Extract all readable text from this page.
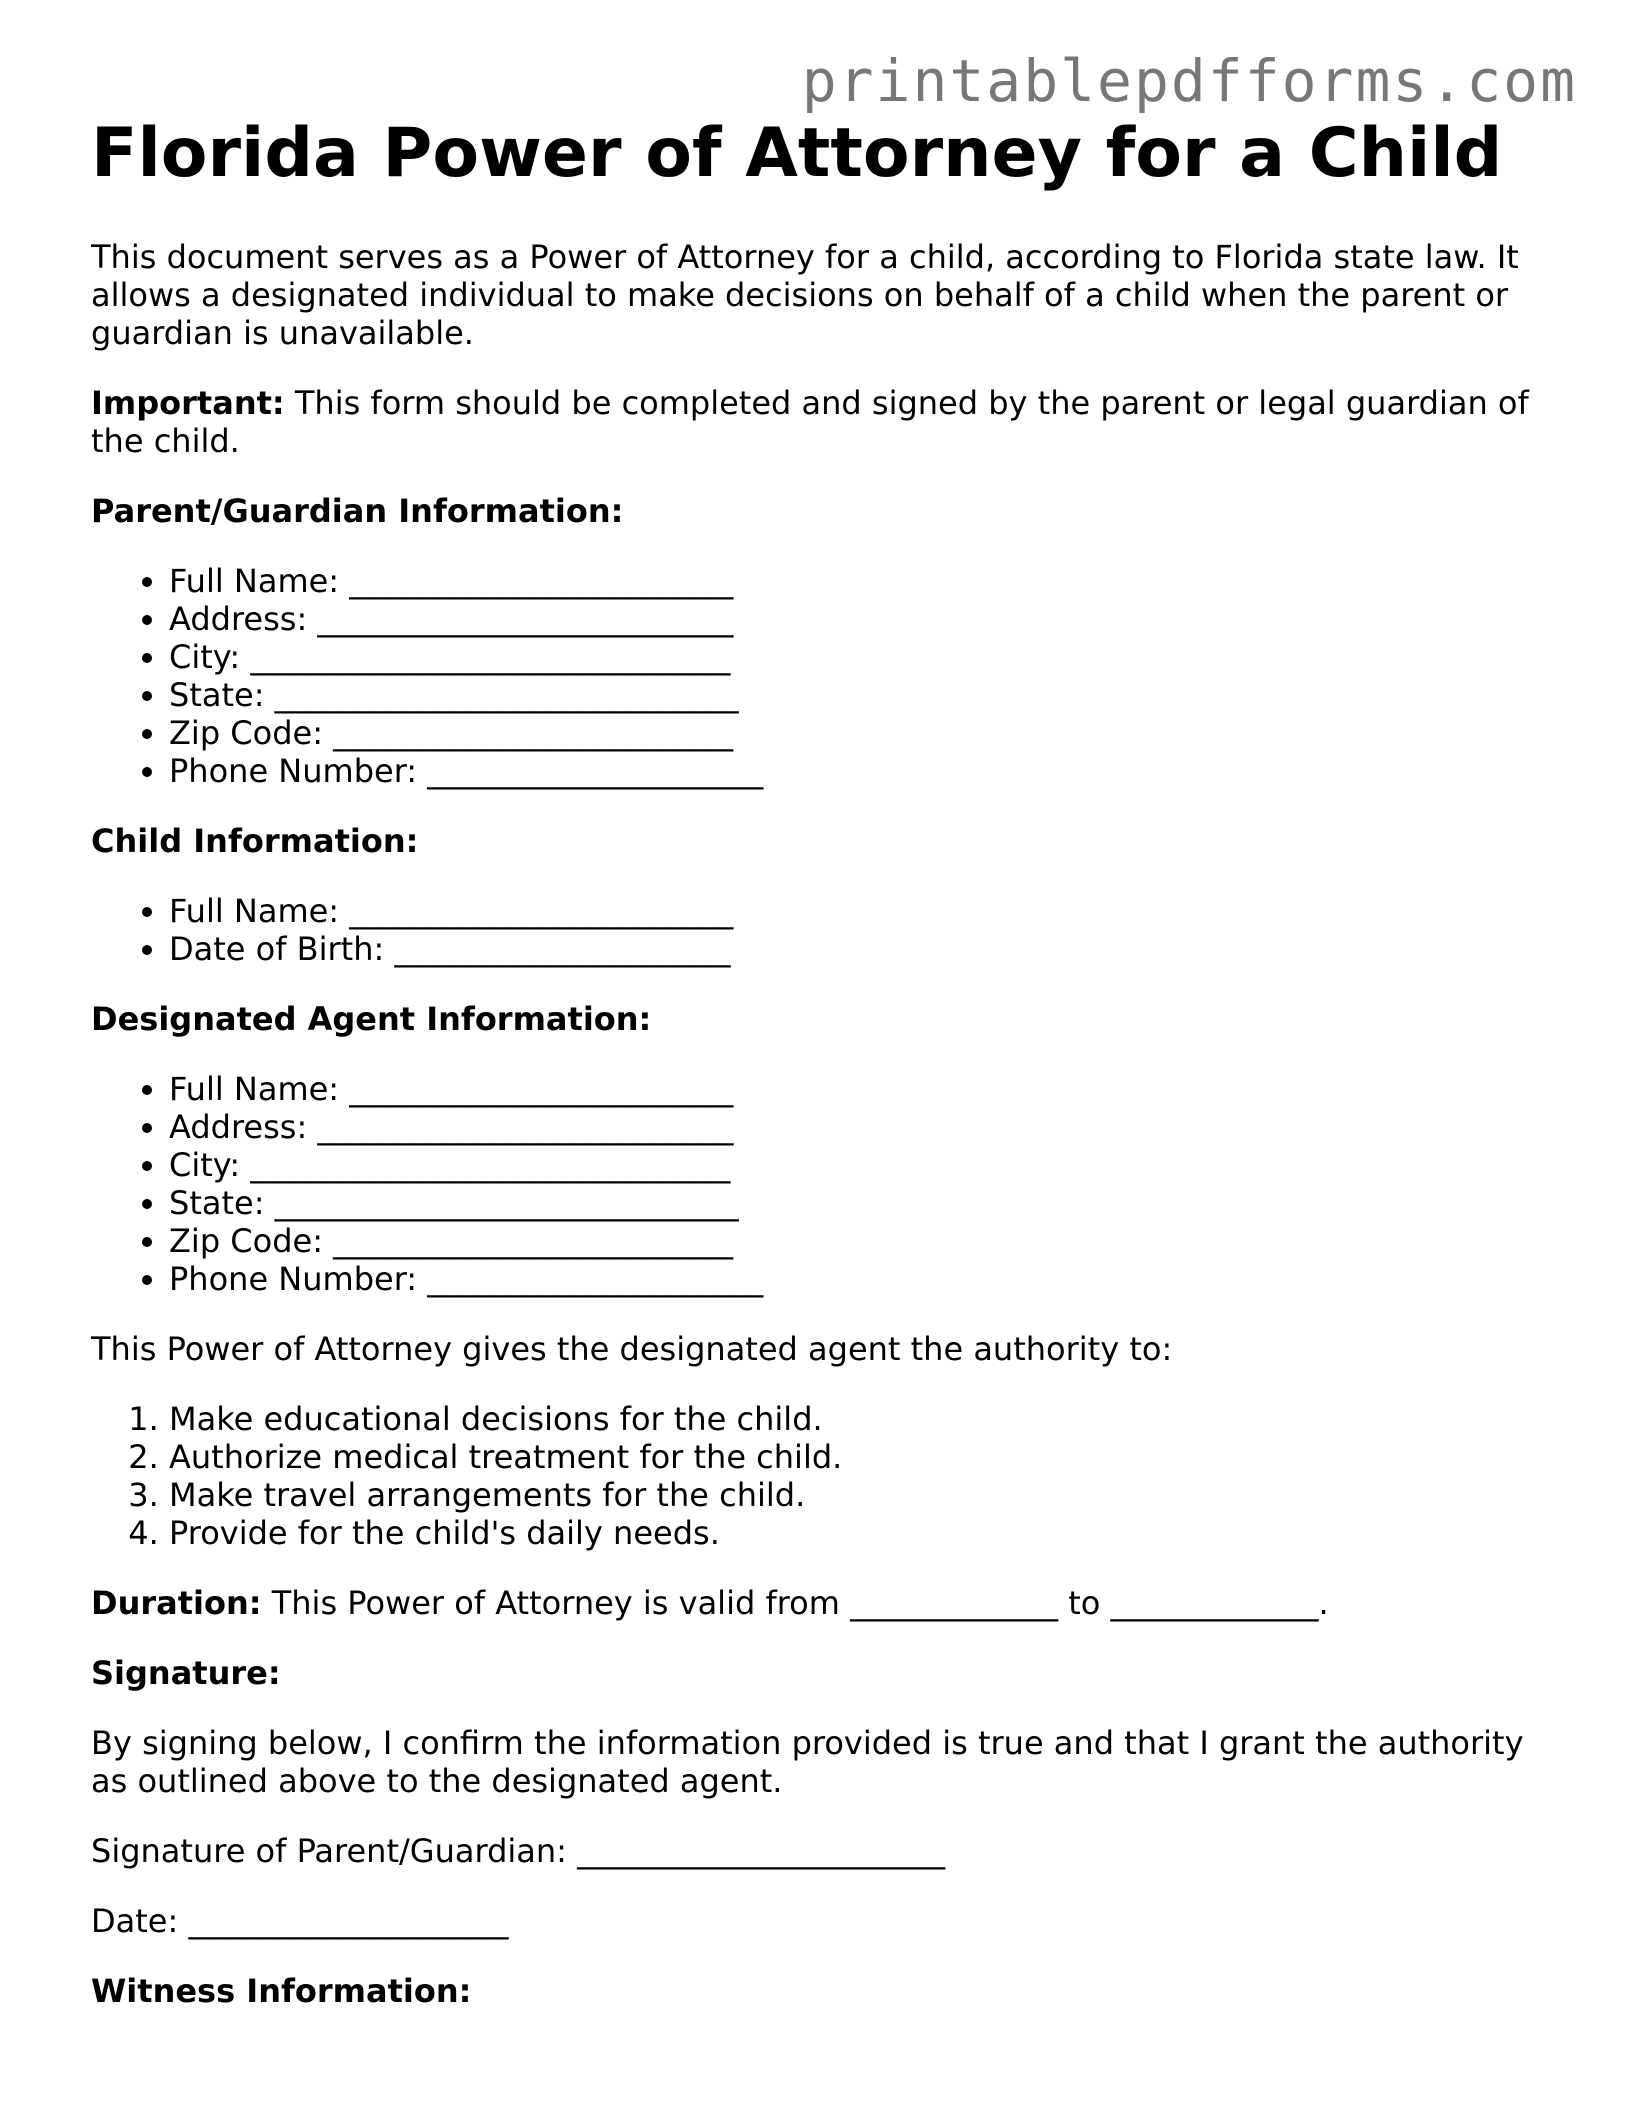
printablepdfforms.com
Florida Power of Attorney for a Child

This document serves as a Power of Attorney for a child, according to Florida state law. It allows a designated individual to make decisions on behalf of a child when the parent or guardian is unavailable.

Important: This form should be completed and signed by the parent or legal guardian of the child.

Parent/Guardian Information:

• Full Name: ________________________
• Address: __________________________
• City: ______________________________
• State: _____________________________
• Zip Code: _________________________
• Phone Number: _____________________

Child Information:

• Full Name: ________________________
• Date of Birth: _____________________

Designated Agent Information:

• Full Name: ________________________
• Address: __________________________
• City: ______________________________
• State: _____________________________
• Zip Code: _________________________
• Phone Number: _____________________

This Power of Attorney gives the designated agent the authority to:

1. Make educational decisions for the child.
2. Authorize medical treatment for the child.
3. Make travel arrangements for the child.
4. Provide for the child's daily needs.

Duration: This Power of Attorney is valid from _____________ to _____________.

Signature:

By signing below, I confirm the information provided is true and that I grant the authority as outlined above to the designated agent.

Signature of Parent/Guardian: _______________________

Date: ____________________

Witness Information:
